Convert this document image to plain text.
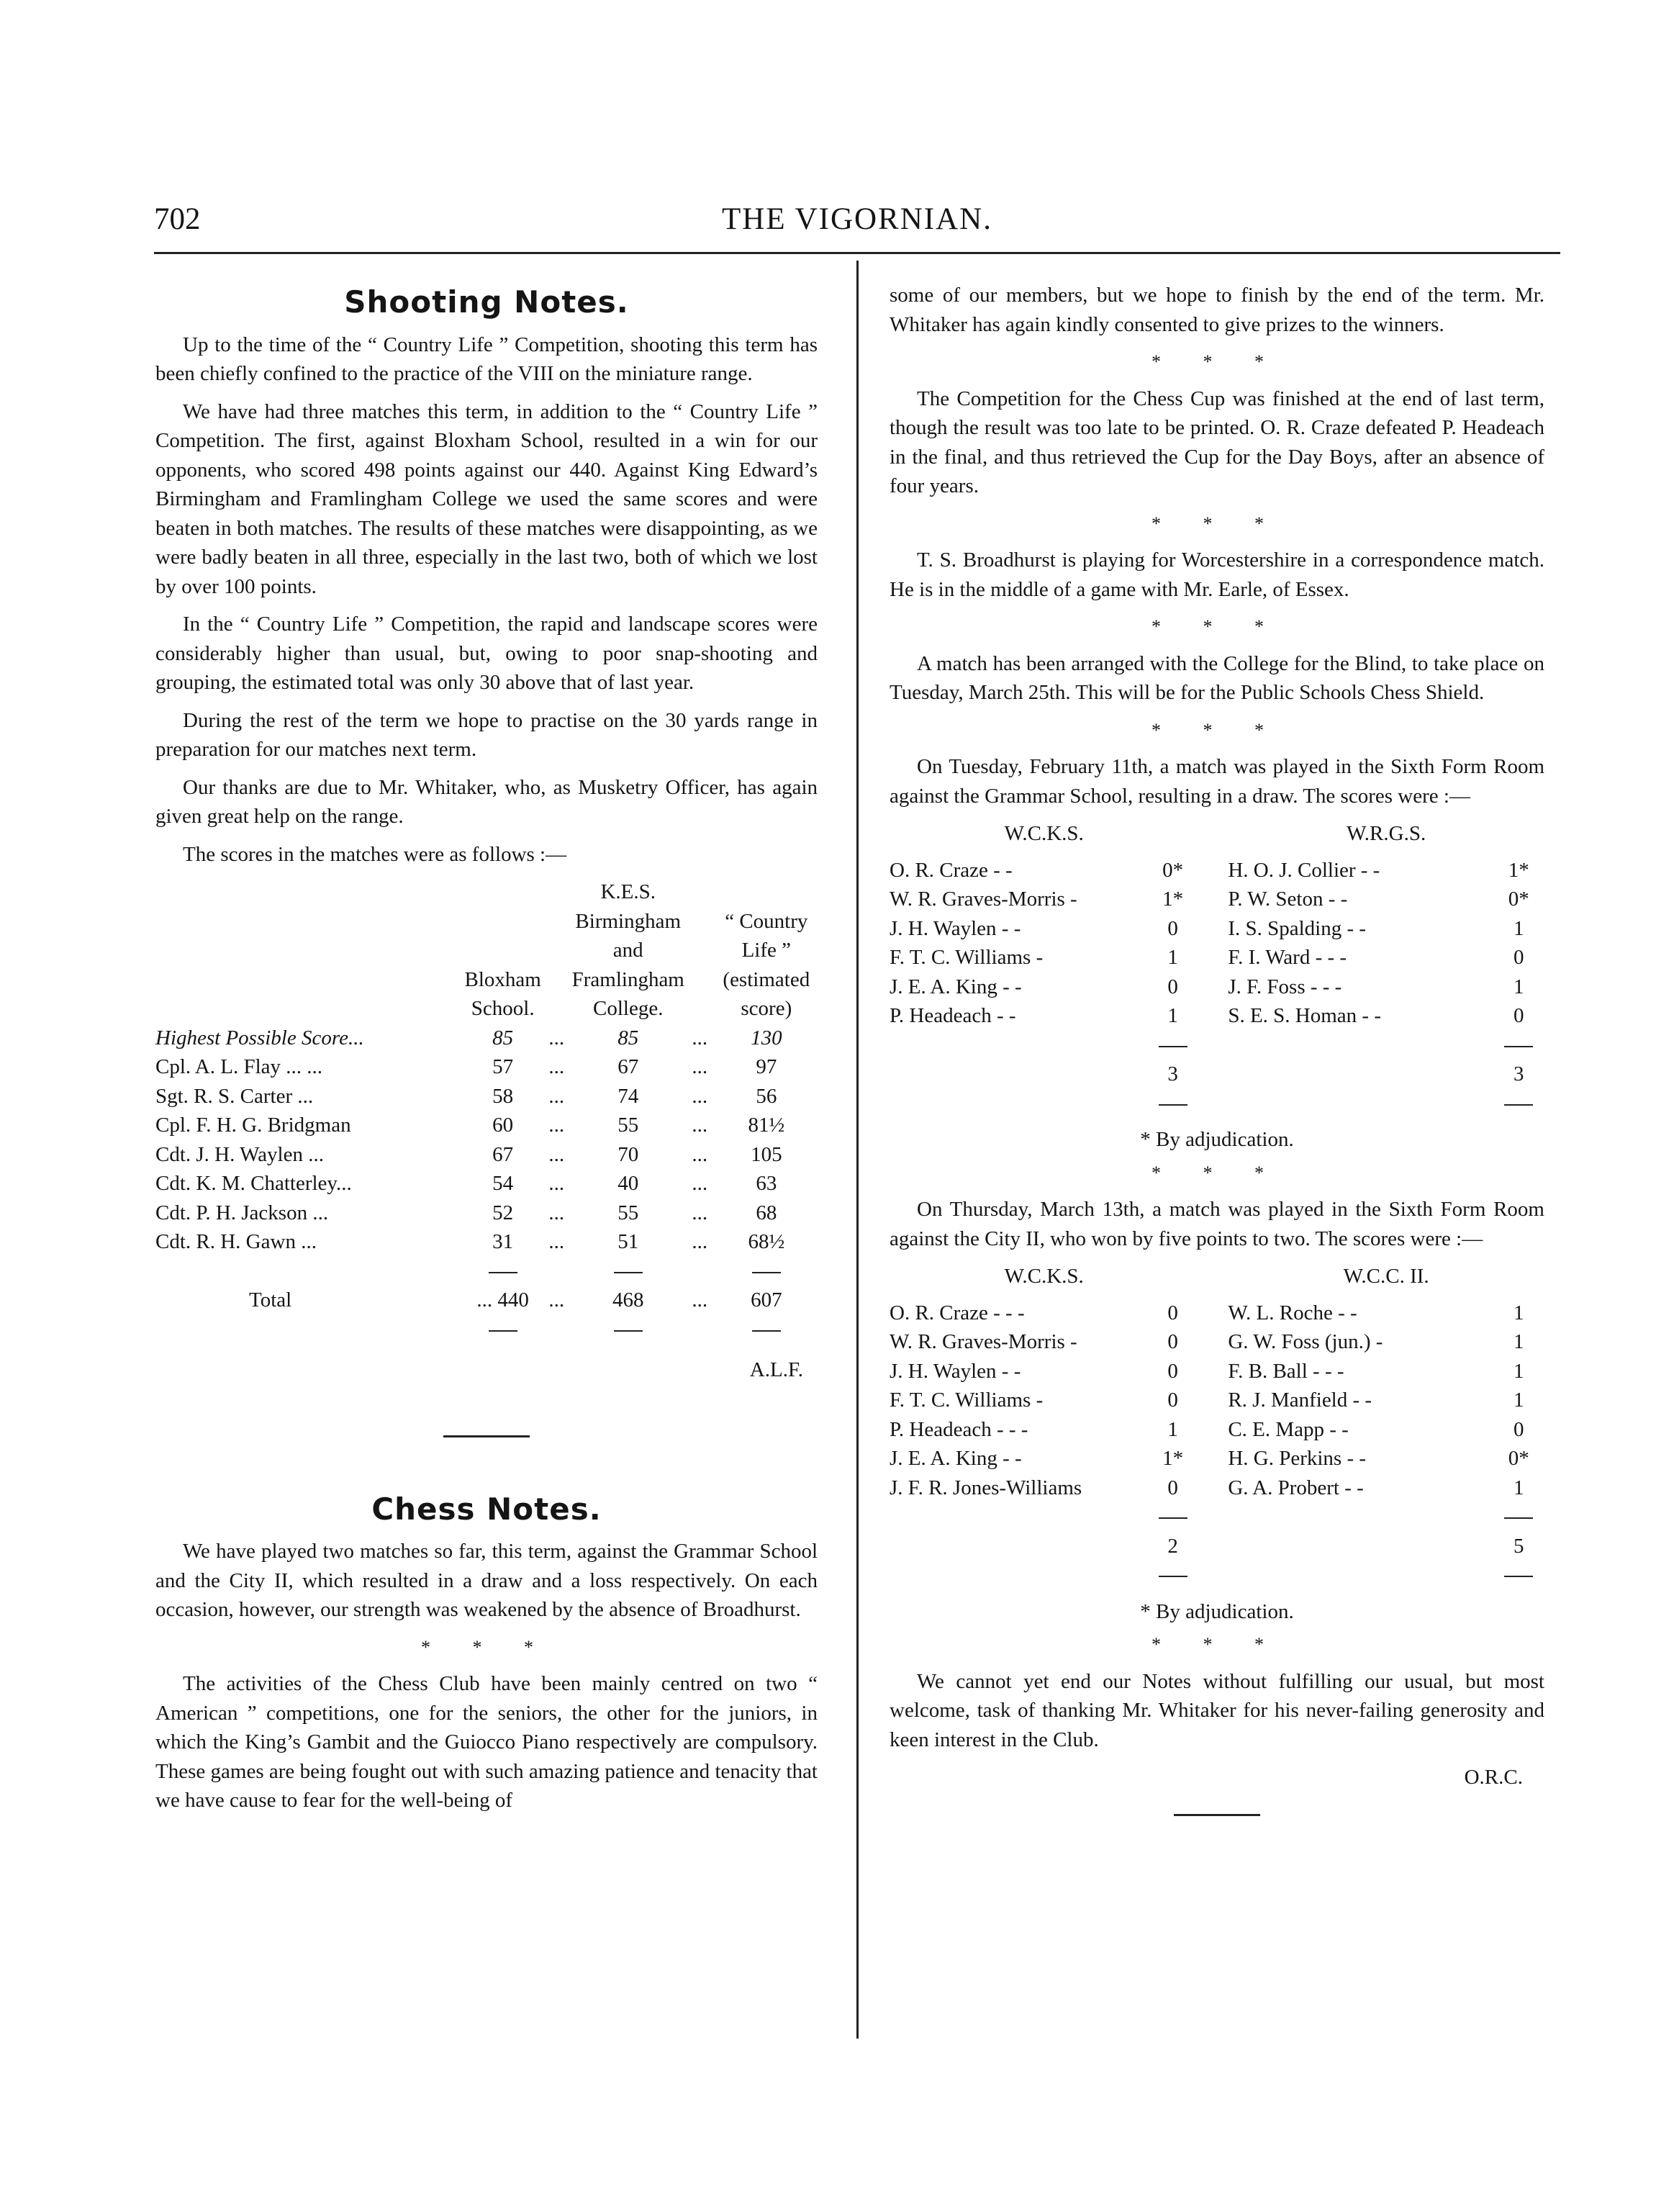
702	THE VIGORNIAN.
Shooting Notes.

Up to the time of the “ Country Life ” Competition, shooting this term has been chiefly confined to the practice of the VIII on the miniature range.

We have had three matches this term, in addition to the “ Country Life ” Competition. The first, against Bloxham School, resulted in a win for our opponents, who scored 498 points against our 440. Against King Edward’s Birmingham and Framlingham College we used the same scores and were beaten in both matches. The results of these matches were disappointing, as we were badly beaten in all three, especially in the last two, both of which we lost by over 100 points.

In the “ Country Life ” Competition, the rapid and landscape scores were considerably higher than usual, but, owing to poor snap-shooting and grouping, the estimated total was only 30 above that of last year.

During the rest of the term we hope to practise on the 30 yards range in preparation for our matches next term.

Our thanks are due to Mr. Whitaker, who, as Musketry Officer, has again given great help on the range.

The scores in the matches were as follows :—

	Bloxham School.		K.E.S. Birmingham and Framlingham College.		“ Country Life ” (estimated score)
Highest Possible Score...	85	...	85	...	130
Cpl. A. L. Flay ... ...	57	...	67	...	97
Sgt. R. S. Carter ...	58	...	74	...	56
Cpl. F. H. G. Bridgman	60	...	55	...	81½
Cdt. J. H. Waylen ...	67	...	70	...	105
Cdt. K. M. Chatterley...	54	...	40	...	63
Cdt. P. H. Jackson ...	52	...	55	...	68
Cdt. R. H. Gawn ...	31	...	51	...	68½

Total	... 440	...	468	...	607

A.L.F.
Chess Notes.

We have played two matches so far, this term, against the Grammar School and the City II, which resulted in a draw and a loss respectively. On each occasion, however, our strength was weakened by the absence of Broadhurst.

* * *

The activities of the Chess Club have been mainly centred on two “ American ” competitions, one for the seniors, the other for the juniors, in which the King’s Gambit and the Guiocco Piano respectively are compulsory. These games are being fought out with such amazing patience and tenacity that we have cause to fear for the well-being of

some of our members, but we hope to finish by the end of the term. Mr. Whitaker has again kindly consented to give prizes to the winners.

* * *

The Competition for the Chess Cup was finished at the end of last term, though the result was too late to be printed. O. R. Craze defeated P. Headeach in the final, and thus retrieved the Cup for the Day Boys, after an absence of four years.

* * *

T. S. Broadhurst is playing for Worcestershire in a correspondence match. He is in the middle of a game with Mr. Earle, of Essex.

* * *

A match has been arranged with the College for the Blind, to take place on Tuesday, March 25th. This will be for the Public Schools Chess Shield.

* * *

On Tuesday, February 11th, a match was played in the Sixth Form Room against the Grammar School, resulting in a draw. The scores were :—

W.C.K.S.			W.R.G.S.	
O. R. Craze - -	0*		H. O. J. Collier - -	1*
W. R. Graves-Morris -	1*		P. W. Seton - -	0*
J. H. Waylen - -	0		I. S. Spalding - -	1
F. T. C. Williams -	1		F. I. Ward - - -	0
J. E. A. King - -	0		J. F. Foss - - -	1
P. Headeach - -	1		S. E. S. Homan - -	0

	3			3

* By adjudication.
* * *

On Thursday, March 13th, a match was played in the Sixth Form Room against the City II, who won by five points to two. The scores were :—

W.C.K.S.			W.C.C. II.	
O. R. Craze - - -	0		W. L. Roche - -	1
W. R. Graves-Morris -	0		G. W. Foss (jun.) -	1
J. H. Waylen - -	0		F. B. Ball - - -	1
F. T. C. Williams -	0		R. J. Manfield - -	1
P. Headeach - - -	1		C. E. Mapp - -	0
J. E. A. King - -	1*		H. G. Perkins - -	0*
J. F. R. Jones-Williams	0		G. A. Probert - -	1

	2			5

* By adjudication.
* * *

We cannot yet end our Notes without fulfilling our usual, but most welcome, task of thanking Mr. Whitaker for his never-failing generosity and keen interest in the Club.

O.R.C.
